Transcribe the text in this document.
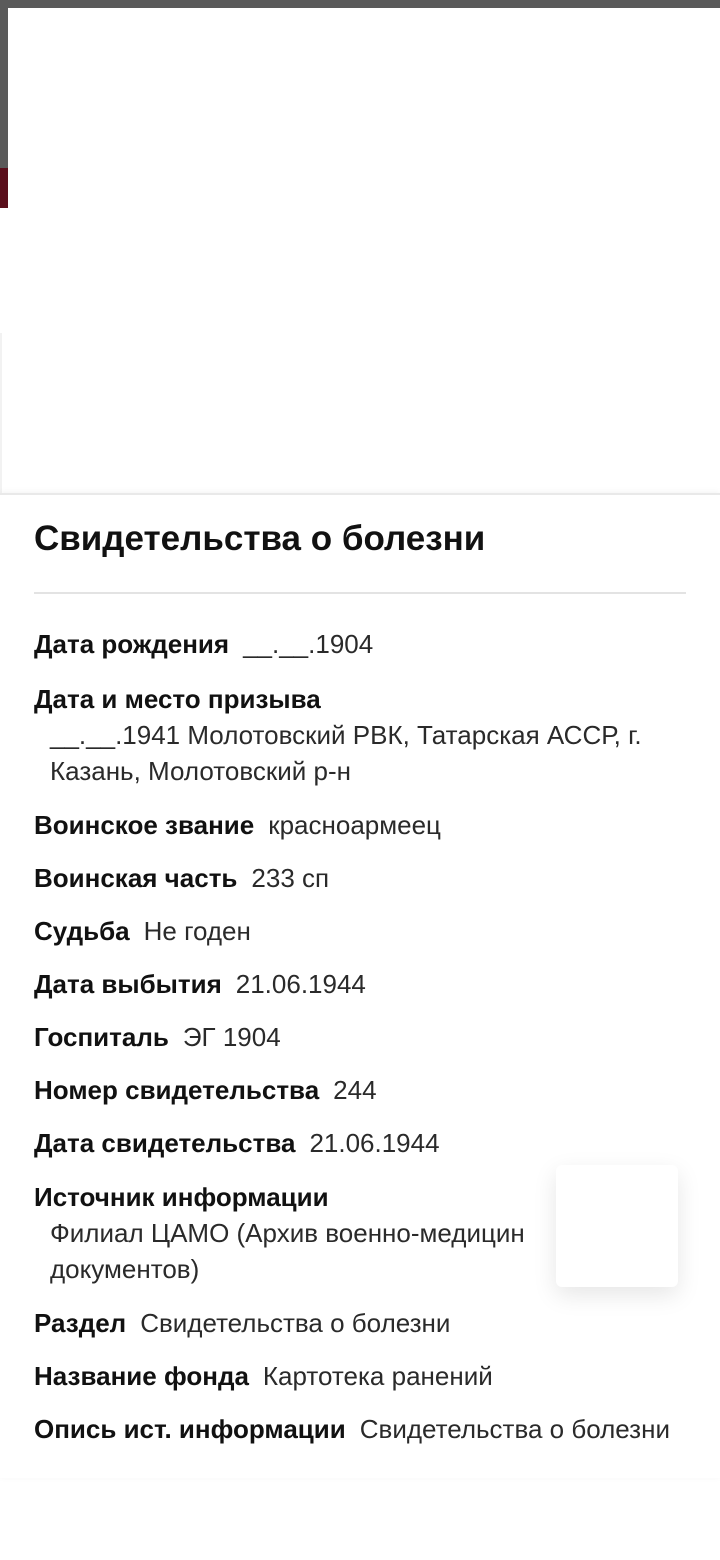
Свидетельства о болезни
Дата рождения __.__.1904
Дата и место призыва
__.__.1941 Молотовский РВК, Татарская АССР, г. Казань, Молотовский р-н
Воинское звание красноармеец
Воинская часть 233 сп
Судьба Не годен
Дата выбытия 21.06.1944
Госпиталь ЭГ 1904
Номер свидетельства 244
Дата свидетельства 21.06.1944
Источник информации
Филиал ЦАМО (Архив военно-медицин документов)
Раздел Свидетельства о болезни
Название фонда Картотека ранений
Опись ист. информации Свидетельства о болезни
